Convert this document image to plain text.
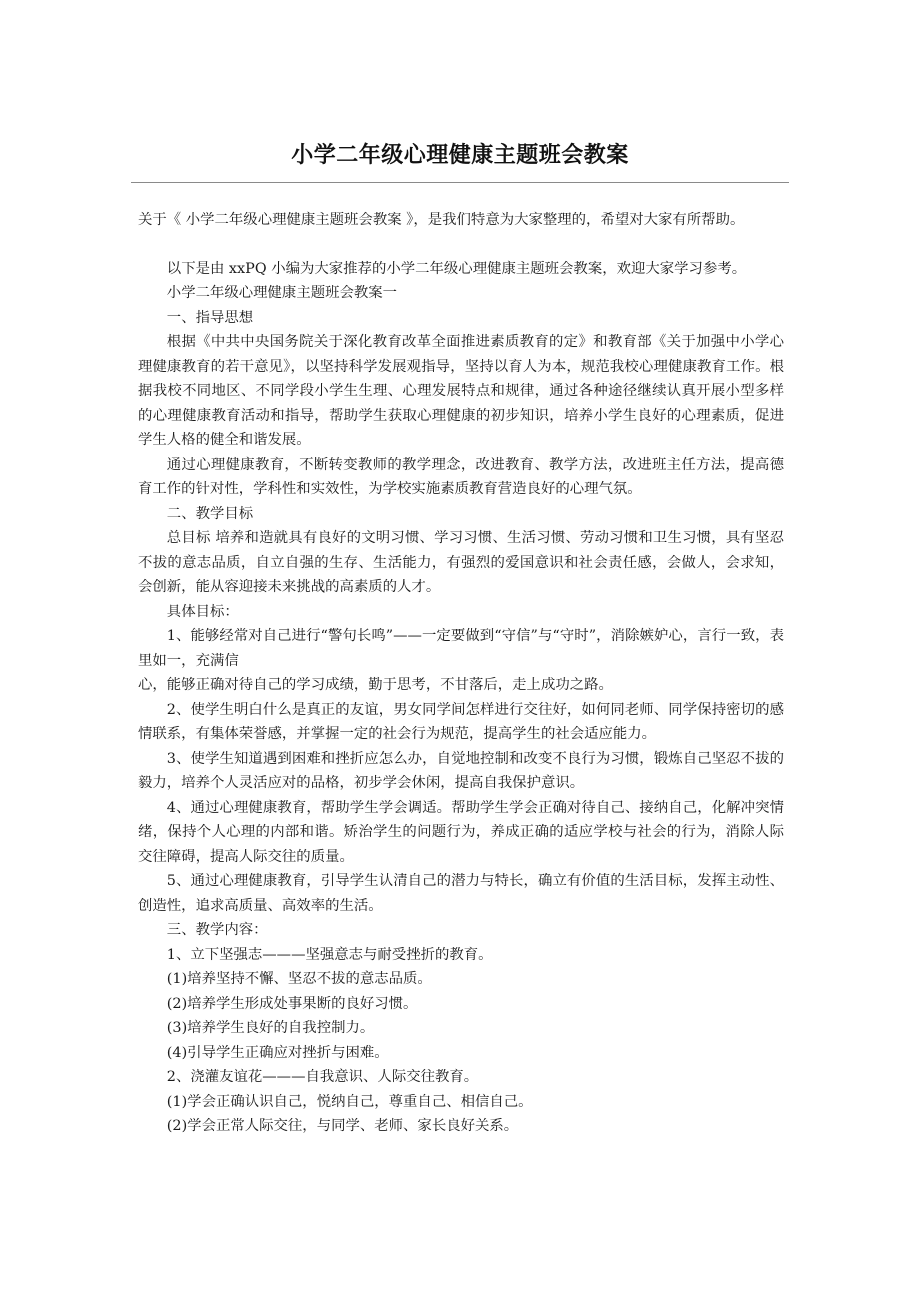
小学二年级心理健康主题班会教案

关于《 小学二年级心理健康主题班会教案 》，是我们特意为大家整理的，希望对大家有所帮助。

以下是由 xxPQ 小编为大家推荐的小学二年级心理健康主题班会教案，欢迎大家学习参考。

小学二年级心理健康主题班会教案一

一、指导思想

根据《中共中央国务院关于深化教育改革全面推进素质教育的定》和教育部《关于加强中小学心理健康教育的若干意见》，以坚持科学发展观指导，坚持以育人为本，规范我校心理健康教育工作。根据我校不同地区、不同学段小学生生理、心理发展特点和规律，通过各种途径继续认真开展小型多样的心理健康教育活动和指导，帮助学生获取心理健康的初步知识，培养小学生良好的心理素质，促进学生人格的健全和谐发展。

通过心理健康教育，不断转变教师的教学理念，改进教育、教学方法，改进班主任方法，提高德育工作的针对性，学科性和实效性，为学校实施素质教育营造良好的心理气氛。

二、教学目标

总目标 培养和造就具有良好的文明习惯、学习习惯、生活习惯、劳动习惯和卫生习惯，具有坚忍不拔的意志品质，自立自强的生存、生活能力，有强烈的爱国意识和社会责任感，会做人，会求知，会创新，能从容迎接未来挑战的高素质的人才。

具体目标：

1、能够经常对自己进行“警句长鸣”——一定要做到“守信”与“守时”，消除嫉妒心，言行一致，表里如一，充满信

心，能够正确对待自己的学习成绩，勤于思考，不甘落后，走上成功之路。

2、使学生明白什么是真正的友谊，男女同学间怎样进行交往好，如何同老师、同学保持密切的感情联系，有集体荣誉感，并掌握一定的社会行为规范，提高学生的社会适应能力。

3、使学生知道遇到困难和挫折应怎么办，自觉地控制和改变不良行为习惯，锻炼自己坚忍不拔的毅力，培养个人灵活应对的品格，初步学会休闲，提高自我保护意识。

4、通过心理健康教育，帮助学生学会调适。帮助学生学会正确对待自己、接纳自己，化解冲突情绪，保持个人心理的内部和谐。矫治学生的问题行为，养成正确的适应学校与社会的行为，消除人际交往障碍，提高人际交往的质量。

5、通过心理健康教育，引导学生认清自己的潜力与特长，确立有价值的生活目标，发挥主动性、创造性，追求高质量、高效率的生活。

三、教学内容：

1、立下坚强志———坚强意志与耐受挫折的教育。

(1)培养坚持不懈、坚忍不拔的意志品质。

(2)培养学生形成处事果断的良好习惯。

(3)培养学生良好的自我控制力。

(4)引导学生正确应对挫折与困难。

2、浇灌友谊花———自我意识、人际交往教育。

(1)学会正确认识自己，悦纳自己，尊重自己、相信自己。

(2)学会正常人际交往，与同学、老师、家长良好关系。
